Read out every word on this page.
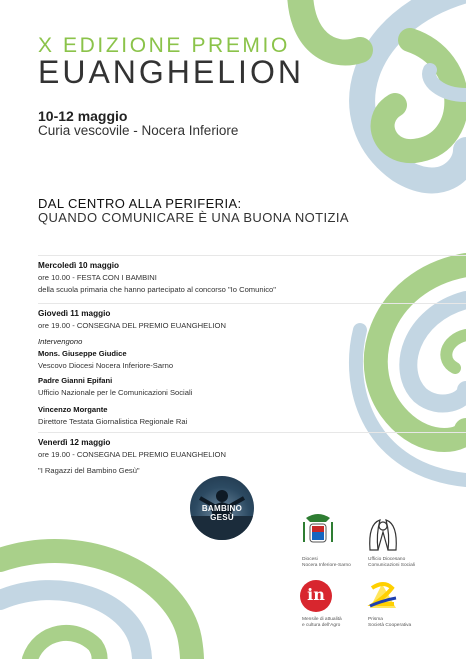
X EDIZIONE PREMIO
EUANGHELION
10-12 maggio
Curia vescovile - Nocera Inferiore
DAL CENTRO ALLA PERIFERIA:
QUANDO COMUNICARE È UNA BUONA NOTIZIA
Mercoledì 10 maggio
ore 10.00 - FESTA CON I BAMBINI
della scuola primaria che hanno partecipato al concorso "Io Comunico"
Giovedì 11 maggio
ore 19.00 - CONSEGNA DEL PREMIO EUANGHELION
Intervengono
Mons. Giuseppe Giudice
Vescovo Diocesi Nocera Inferiore-Sarno
Padre Gianni Epifani
Ufficio Nazionale per le Comunicazioni Sociali
Vincenzo Morgante
Direttore Testata Giornalistica Regionale Rai
Venerdì 12 maggio
ore 19.00 - CONSEGNA DEL PREMIO EUANGHELION
"I Ragazzi del Bambino Gesù"
BAMBINO GESÙ
Diocesi
Nocera Inferiore-Sarno
Ufficio Diocesano
Comunicazioni Sociali
in
Mensile di attualità
e cultura dell'Agro
Prisma
Società Cooperativa
